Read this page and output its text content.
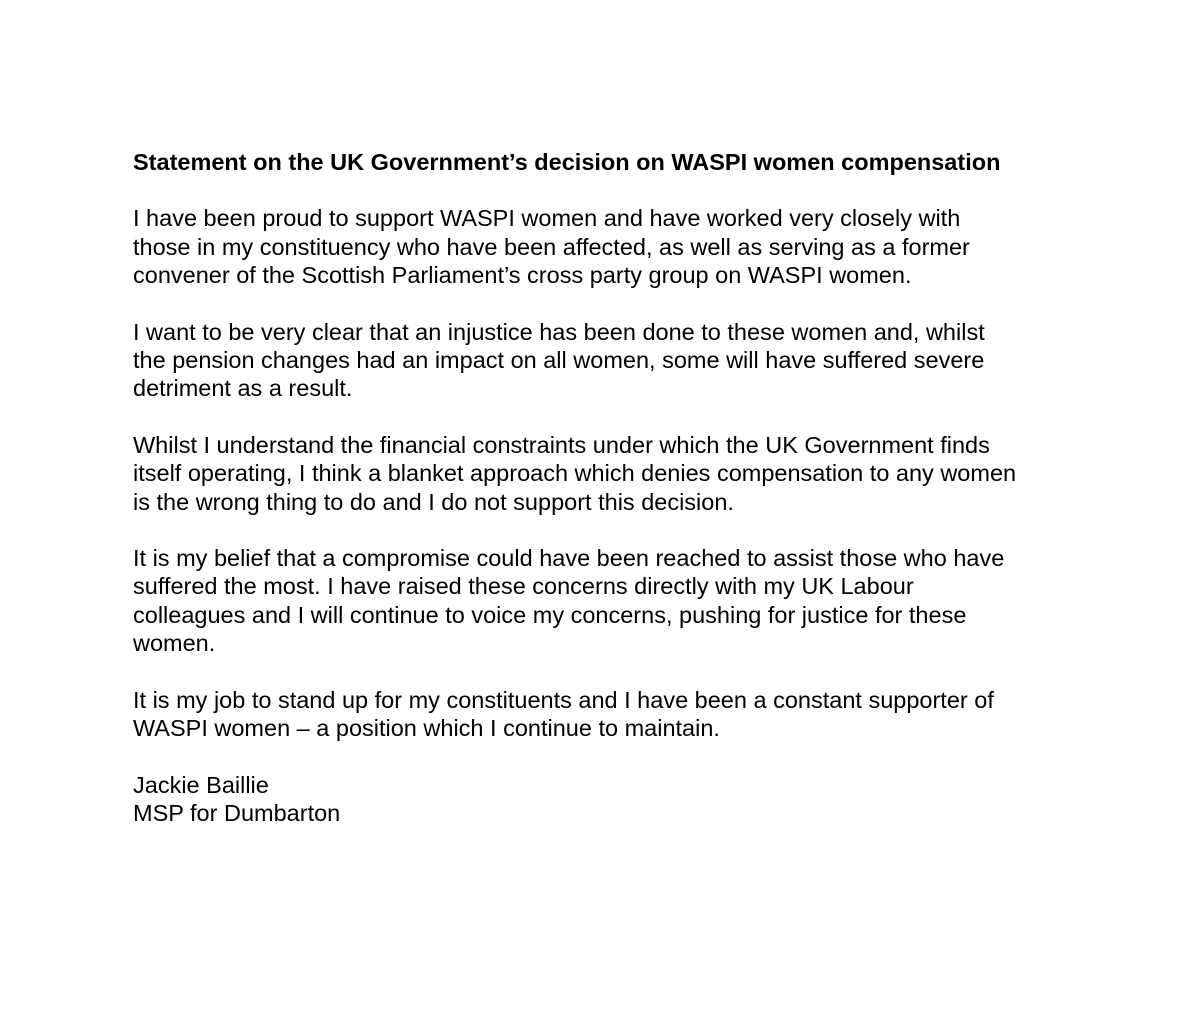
Statement on the UK Government’s decision on WASPI women compensation
I have been proud to support WASPI women and have worked very closely with
those in my constituency who have been affected, as well as serving as a former
convener of the Scottish Parliament’s cross party group on WASPI women.
I want to be very clear that an injustice has been done to these women and, whilst
the pension changes had an impact on all women, some will have suffered severe
detriment as a result.
Whilst I understand the financial constraints under which the UK Government finds
itself operating, I think a blanket approach which denies compensation to any women
is the wrong thing to do and I do not support this decision.
It is my belief that a compromise could have been reached to assist those who have
suffered the most. I have raised these concerns directly with my UK Labour
colleagues and I will continue to voice my concerns, pushing for justice for these
women.
It is my job to stand up for my constituents and I have been a constant supporter of
WASPI women – a position which I continue to maintain.
Jackie Baillie
MSP for Dumbarton
